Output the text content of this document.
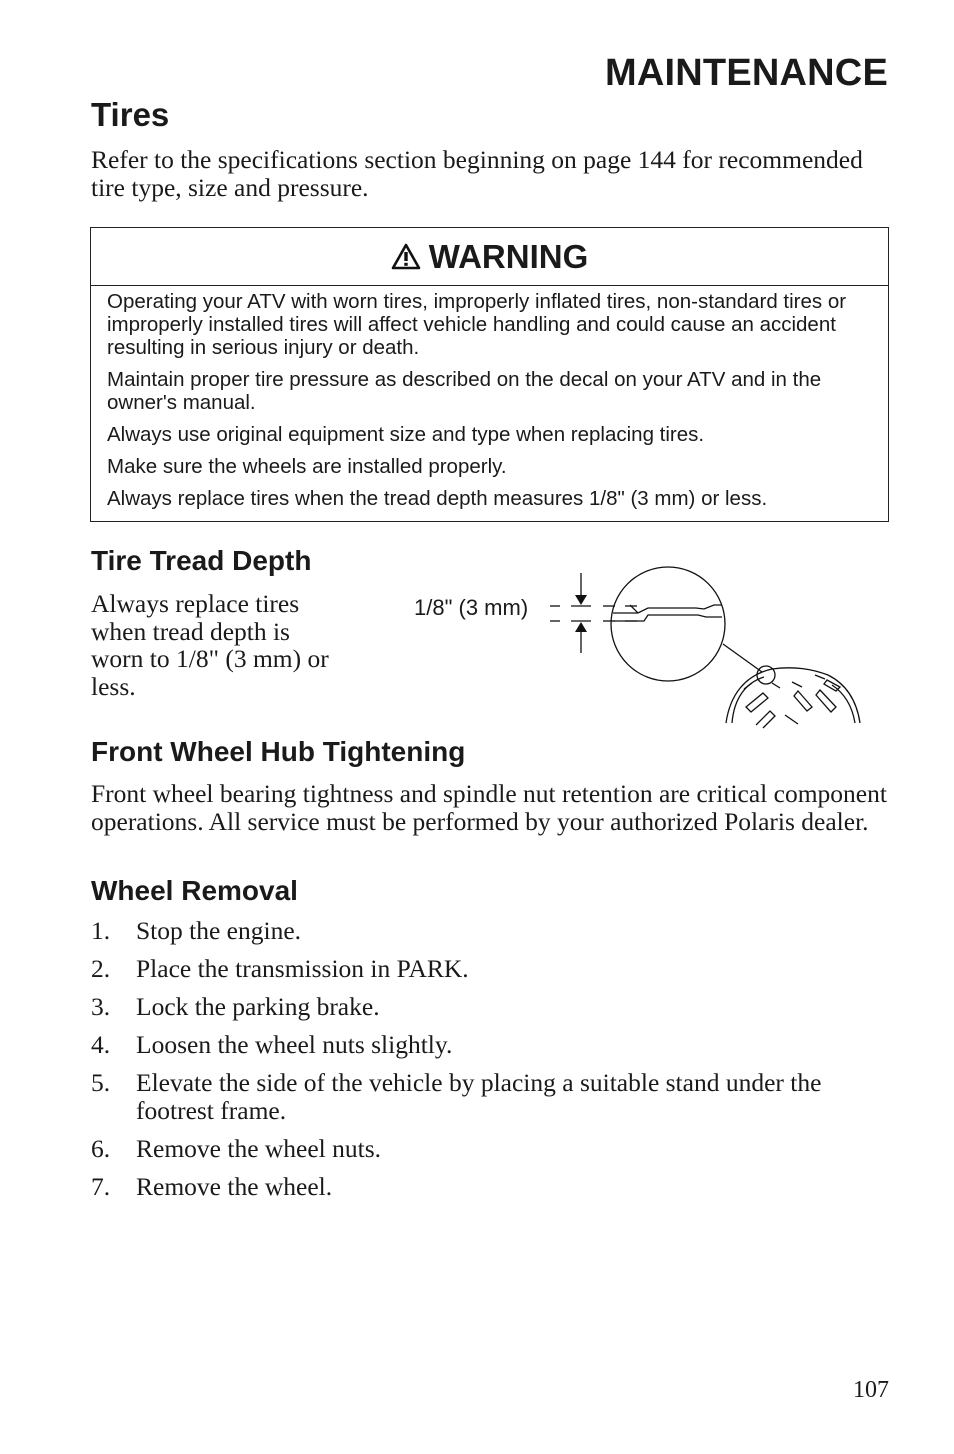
MAINTENANCE
Tires

Refer to the specifications section beginning on page 144 for recommended tire type, size and pressure.

WARNING

Operating your ATV with worn tires, improperly inflated tires, non-standard tires or improperly installed tires will affect vehicle handling and could cause an accident resulting in serious injury or death.

Maintain proper tire pressure as described on the decal on your ATV and in the owner's manual.

Always use original equipment size and type when replacing tires.

Make sure the wheels are installed properly.

Always replace tires when the tread depth measures 1/8" (3 mm) or less.

Tire Tread Depth

Always replace tires when tread depth is worn to 1/8" (3 mm) or less.

1/8" (3 mm)
Front Wheel Hub Tightening

Front wheel bearing tightness and spindle nut retention are critical component operations. All service must be performed by your authorized Polaris dealer.

Wheel Removal
1. Stop the engine.
2. Place the transmission in PARK.
3. Lock the parking brake.
4. Loosen the wheel nuts slightly.
5. Elevate the side of the vehicle by placing a suitable stand under the footrest frame.
6. Remove the wheel nuts.
7. Remove the wheel.
107
